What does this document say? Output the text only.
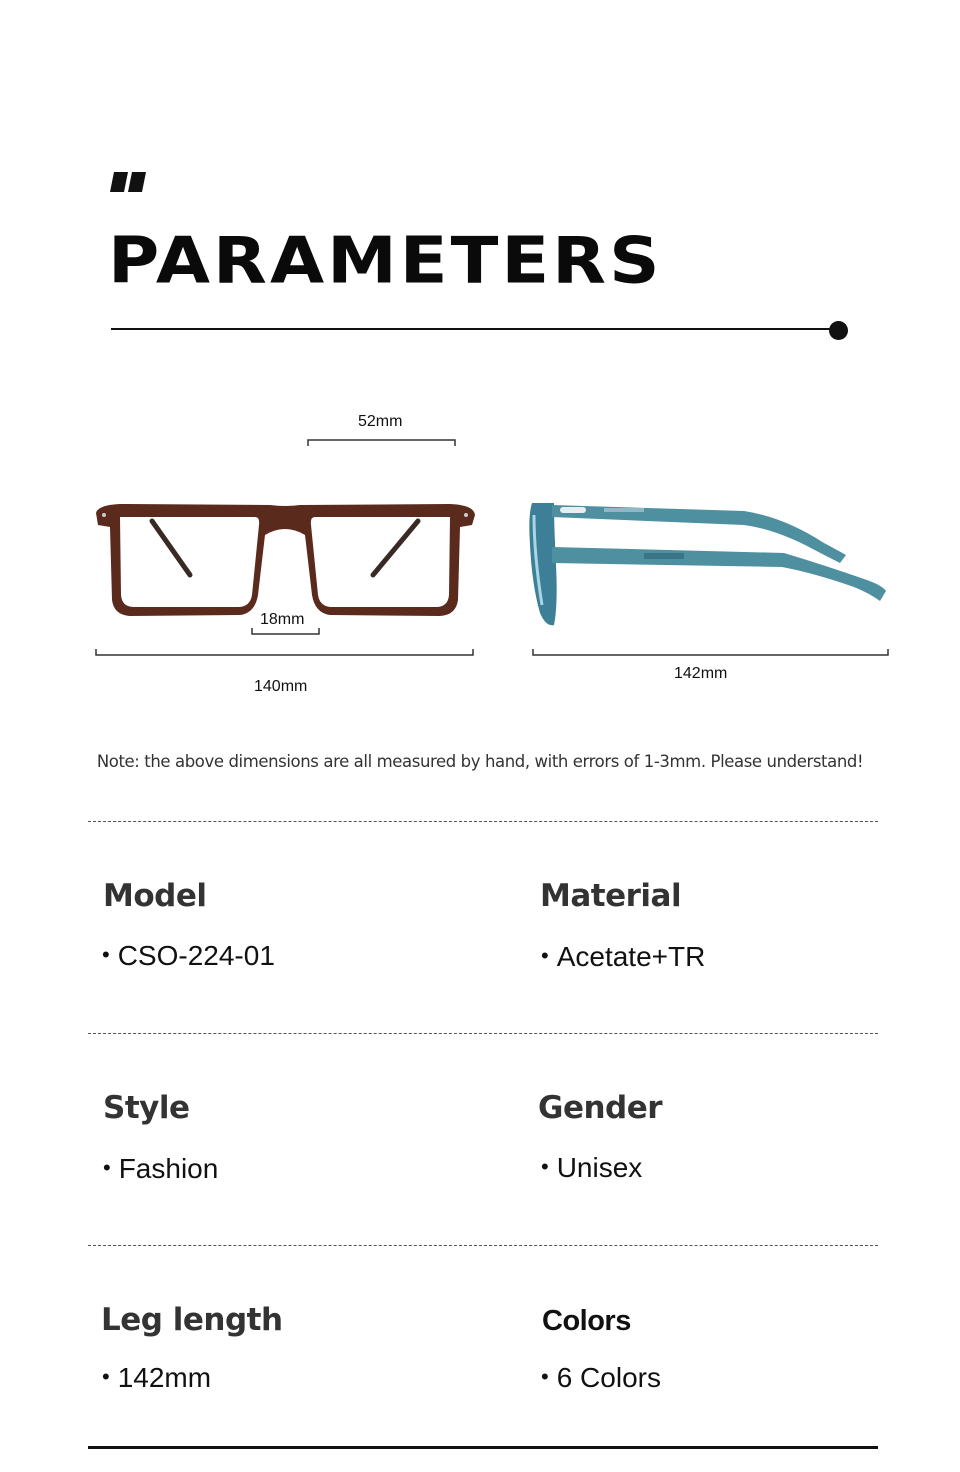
PARAMETERS
52mm
18mm
140mm
142mm
Note: the above dimensions are all measured by hand, with errors of 1-3mm. Please understand!
Model
• CSO-224-01
Material
• Acetate+TR
Style
• Fashion
Gender
• Unisex
Leg length
• 142mm
Colors
• 6 Colors
